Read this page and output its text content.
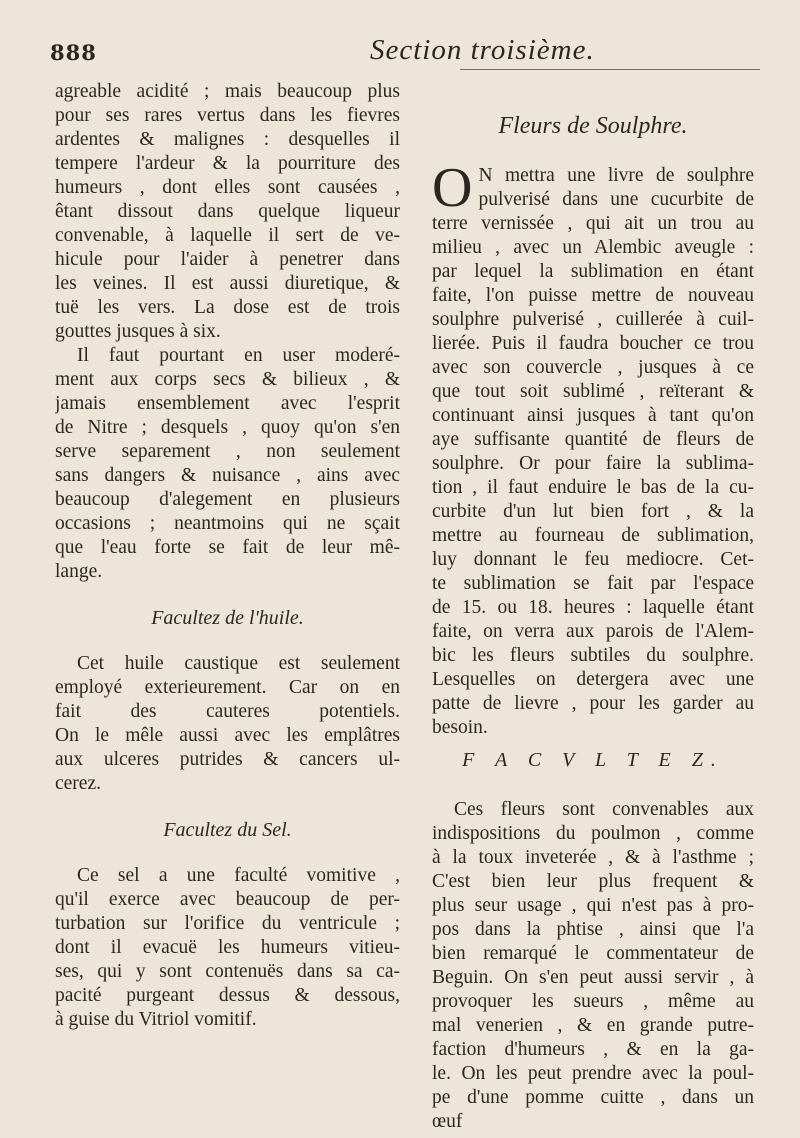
888	Section troisième.

agreable acidité ; mais beaucoup plus
pour ses rares vertus dans les fievres
ardentes & malignes : desquelles il
tempere l'ardeur & la pourriture des
humeurs , dont elles sont causées ,
êtant dissout dans quelque liqueur
convenable, à laquelle il sert de ve-
hicule pour l'aider à penetrer dans
les veines. Il est aussi diuretique, &
tuë les vers. La dose est de trois
gouttes jusques à six.

Il faut pourtant en user moderé-
ment aux corps secs & bilieux , &
jamais ensemblement avec l'esprit
de Nitre ; desquels , quoy qu'on s'en
serve separement , non seulement
sans dangers & nuisance , ains avec
beaucoup d'alegement en plusieurs
occasions ; neantmoins qui ne sçait
que l'eau forte se fait de leur mê-
lange.

Facultez de l'huile.

Cet huile caustique est seulement
employé exterieurement. Car on en
fait des cauteres potentiels.
On le mêle aussi avec les emplâtres
aux ulceres putrides & cancers ul-
cerez.

Facultez du Sel.

Ce sel a une faculté vomitive ,
qu'il exerce avec beaucoup de per-
turbation sur l'orifice du ventricule ;
dont il evacuë les humeurs vitieu-
ses, qui y sont contenuës dans sa ca-
pacité purgeant dessus & dessous,
à guise du Vitriol vomitif.

Fleurs de Soulphre.

O N mettra une livre de soulphre
pulverisé dans une cucurbite de
terre vernissée , qui ait un trou au
milieu , avec un Alembic aveugle :
par lequel la sublimation en étant
faite, l'on puisse mettre de nouveau
soulphre pulverisé , cuillerée à cuil-
lierée. Puis il faudra boucher ce trou
avec son couvercle , jusques à ce
que tout soit sublimé , reïterant &
continuant ainsi jusques à tant qu'on
aye suffisante quantité de fleurs de
soulphre. Or pour faire la sublima-
tion , il faut enduire le bas de la cu-
curbite d'un lut bien fort , & la
mettre au fourneau de sublimation,
luy donnant le feu mediocre. Cet-
te sublimation se fait par l'espace
de 15. ou 18. heures : laquelle étant
faite, on verra aux parois de l'Alem-
bic les fleurs subtiles du soulphre.
Lesquelles on detergera avec une
patte de lievre , pour les garder au
besoin.

F A C V L T E Z.

Ces fleurs sont convenables aux
indispositions du poulmon , comme
à la toux inveterée , & à l'asthme ;
C'est bien leur plus frequent &
plus seur usage , qui n'est pas à pro-
pos dans la phtise , ainsi que l'a
bien remarqué le commentateur de
Beguin. On s'en peut aussi servir , à
provoquer les sueurs , même au
mal venerien , & en grande putre-
faction d'humeurs , & en la ga-
le. On les peut prendre avec la poul-
pe d'une pomme cuitte , dans un
œuf
